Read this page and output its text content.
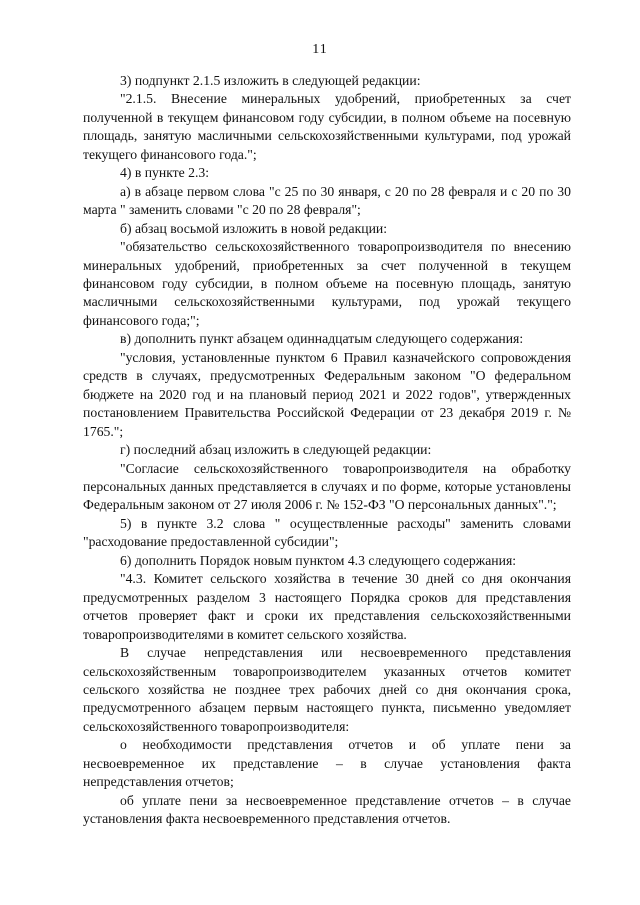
11

3) подпункт 2.1.5 изложить в следующей редакции:

"2.1.5. Внесение минеральных удобрений, приобретенных за счет полученной в текущем финансовом году субсидии, в полном объеме на посевную площадь, занятую масличными сельскохозяйственными культурами, под урожай текущего финансового года.";

4) в пункте 2.3:

а) в абзаце первом слова "с 25 по 30 января, с 20 по 28 февраля и с 20 по 30 марта " заменить словами "с 20 по 28 февраля";

б) абзац восьмой изложить в новой редакции:

"обязательство сельскохозяйственного товаропроизводителя по внесению минеральных удобрений, приобретенных за счет полученной в текущем финансовом году субсидии, в полном объеме на посевную площадь, занятую масличными сельскохозяйственными культурами, под урожай текущего финансового года;";

в) дополнить пункт абзацем одиннадцатым следующего содержания:

"условия, установленные пунктом 6 Правил казначейского сопровождения средств в случаях, предусмотренных Федеральным законом "О федеральном бюджете на 2020 год и на плановый период 2021 и 2022 годов", утвержденных постановлением Правительства Российской Федерации от 23 декабря 2019 г. № 1765.";

г) последний абзац изложить в следующей редакции:

"Согласие сельскохозяйственного товаропроизводителя на обработку персональных данных представляется в случаях и по форме, которые установлены Федеральным законом от 27 июля 2006 г. № 152-ФЗ "О персональных данных".";

5) в пункте 3.2 слова " осуществленные расходы" заменить словами "расходование предоставленной субсидии";

6) дополнить Порядок новым пунктом 4.3 следующего содержания:

"4.3. Комитет сельского хозяйства в течение 30 дней со дня окончания предусмотренных разделом 3 настоящего Порядка сроков для представления отчетов проверяет факт и сроки их представления сельскохозяйственными товаропроизводителями в комитет сельского хозяйства.

В случае непредставления или несвоевременного представления сельскохозяйственным товаропроизводителем указанных отчетов комитет сельского хозяйства не позднее трех рабочих дней со дня окончания срока, предусмотренного абзацем первым настоящего пункта, письменно уведомляет сельскохозяйственного товаропроизводителя:

о необходимости представления отчетов и об уплате пени за несвоевременное их представление – в случае установления факта непредставления отчетов;

об уплате пени за несвоевременное представление отчетов – в случае установления факта несвоевременного представления отчетов.
